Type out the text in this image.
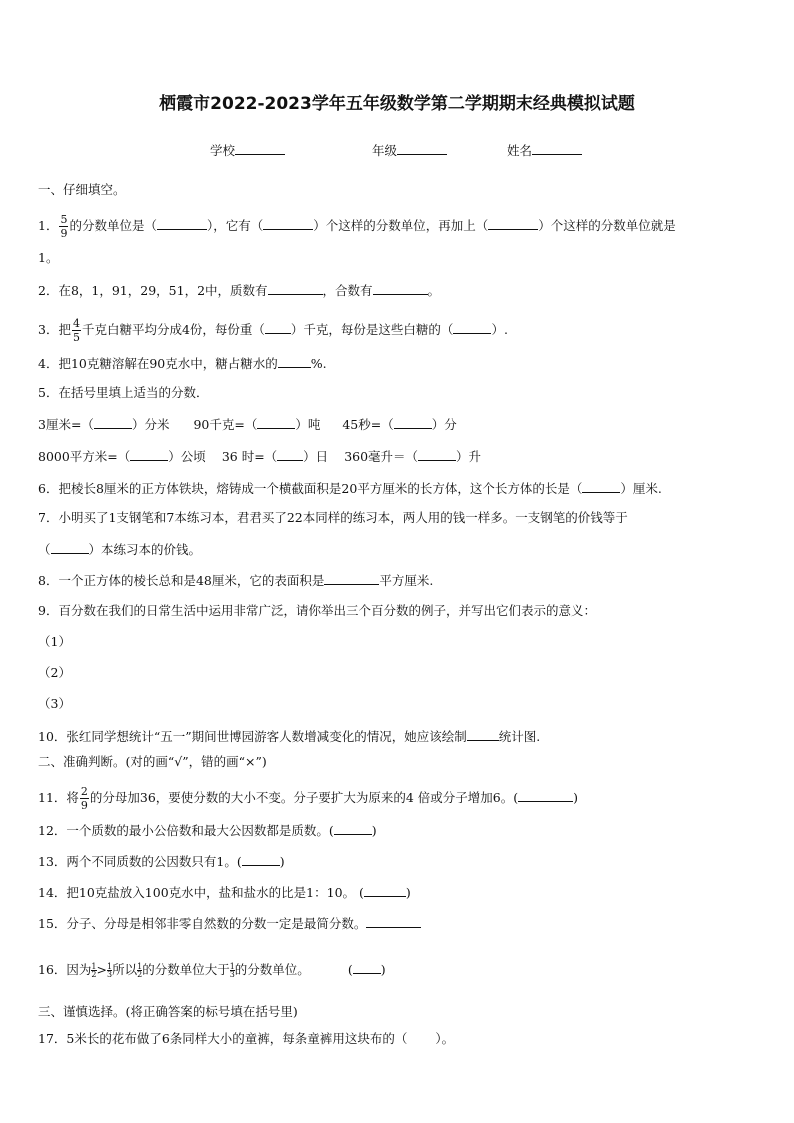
栖霞市2022-2023学年五年级数学第二学期期末经典模拟试题
学校	年级	姓名
一、仔细填空。
1． $\frac{5}{9}$ 的分数单位是（	），它有（	）个这样的分数单位，再加上（	）个这样的分数单位就是
1。
2．在8，1，91，29，51，2中，质数有	，合数有	。
3．把 $\frac{4}{5}$ 千克白糖平均分成4份，每份重（ ）千克，每份是这些白糖的（	）.
4．把10克糖溶解在90克水中，糖占糖水的	%.
5．在括号里填上适当的分数．
3厘米=（	）分米 90千克=（	）吨 45秒=（	）分
8000平方米=（	）公顷 36 时=（ ）日 360毫升＝（	）升
6．把棱长8厘米的正方体铁块，熔铸成一个横截面积是20平方厘米的长方体，这个长方体的长是（	）厘米.
7．小明买了1支钢笔和7本练习本，君君买了22本同样的练习本，两人用的钱一样多。一支钢笔的价钱等于
（	）本练习本的价钱。
8．一个正方体的棱长总和是48厘米，它的表面积是	平方厘米.
9．百分数在我们的日常生活中运用非常广泛，请你举出三个百分数的例子，并写出它们表示的意义：
（1）
（2）
（3）
10．张红同学想统计“五一”期间世博园游客人数增减变化的情况，她应该绘制	统计图.
二、准确判断。(对的画“√”，错的画“×”)
11．将 $\frac{2}{9}$ 的分母加36，要使分数的大小不变。分子要扩大为原来的4 倍或分子增加6。(	)
12．一个质数的最小公倍数和最大公因数都是质数。(	)
13．两个不同质数的公因数只有1。(	)
14．把10克盐放入100克水中，盐和盐水的比是1：10。 (	)
15．分子、分母是相邻非零自然数的分数一定是最简分数。
16．因为 $\frac{1}{2} > \frac{1}{3}$ 所以 $\frac{1}{2}$ 的分数单位大于 $\frac{1}{3}$ 的分数单位。	( )
三、谨慎选择。(将正确答案的标号填在括号里)
17．5米长的花布做了6条同样大小的童裤，每条童裤用这块布的（ ）。
